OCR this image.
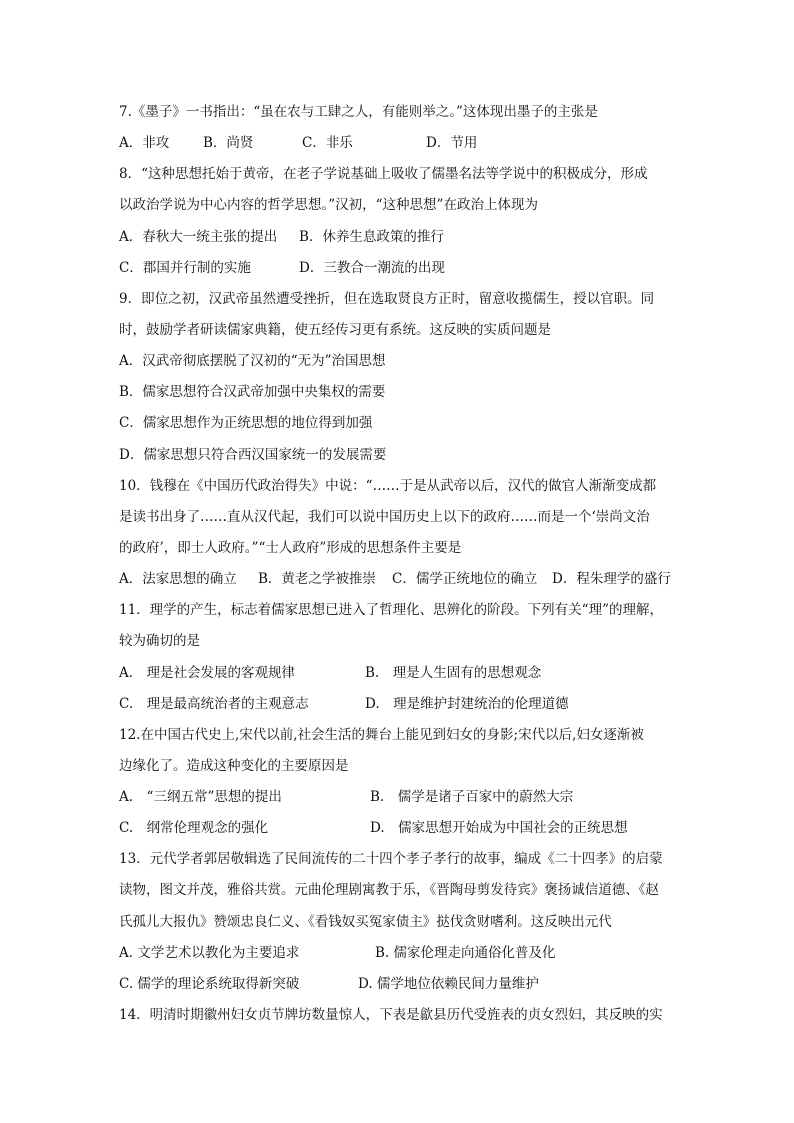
7.《墨子》一书指出：“虽在农与工肆之人，有能则举之。”这体现出墨子的主张是
A．非攻	B．尚贤	C．非乐	D．节用
8．“这种思想托始于黄帝，在老子学说基础上吸收了儒墨名法等学说中的积极成分，形成
以政治学说为中心内容的哲学思想。”汉初，“这种思想”在政治上体现为
A．春秋大一统主张的提出 B．休养生息政策的推行
C．郡国并行制的实施	D．三教合一潮流的出现
9．即位之初，汉武帝虽然遭受挫折，但在选取贤良方正时，留意收揽儒生，授以官职。同
时，鼓励学者研读儒家典籍，使五经传习更有系统。这反映的实质问题是
A．汉武帝彻底摆脱了汉初的“无为”治国思想
B．儒家思想符合汉武帝加强中央集权的需要
C．儒家思想作为正统思想的地位得到加强
D．儒家思想只符合西汉国家统一的发展需要
10．钱穆在《中国历代政治得失》中说：“……于是从武帝以后，汉代的做官人渐渐变成都
是读书出身了……直从汉代起，我们可以说中国历史上以下的政府……而是一个‘崇尚文治
的政府’，即士人政府。”“士人政府”形成的思想条件主要是
A．法家思想的确立 B．黄老之学被推崇 C．儒学正统地位的确立 D．程朱理学的盛行
11．理学的产生，标志着儒家思想已进入了哲理化、思辨化的阶段。下列有关“理”的理解，
较为确切的是
A.　理是社会发展的客观规律	B.　理是人生固有的思想观念
C.　理是最高统治者的主观意志	D.　理是维护封建统治的伦理道德
12.在中国古代史上,宋代以前,社会生活的舞台上能见到妇女的身影;宋代以后,妇女逐渐被
边缘化了。造成这种变化的主要原因是
A.　“三纲五常”思想的提出	B.　儒学是诸子百家中的蔚然大宗
C.　纲常伦理观念的强化	D.　儒家思想开始成为中国社会的正统思想
13．元代学者郭居敬辑选了民间流传的二十四个孝子孝行的故事，编成《二十四孝》的启蒙
读物，图文并茂，雅俗共赏。元曲伦理剧寓教于乐，《晋陶母剪发待宾》褒扬诚信道德、《赵
氏孤儿大报仇》赞颂忠良仁义、《看钱奴买冤家债主》挞伐贪财嗜利。这反映出元代
A. 文学艺术以教化为主要追求	B. 儒家伦理走向通俗化普及化
C. 儒学的理论系统取得新突破	D. 儒学地位依赖民间力量维护
14．明清时期徽州妇女贞节牌坊数量惊人，下表是歙县历代受旌表的贞女烈妇，其反映的实
